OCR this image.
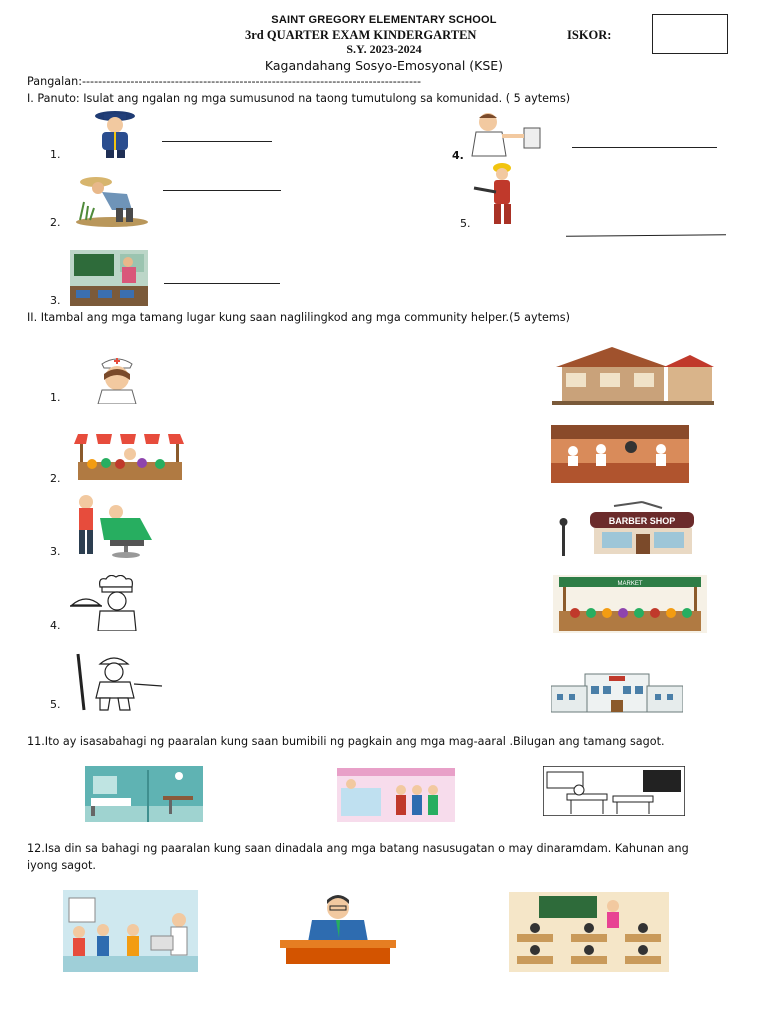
SAINT GREGORY ELEMENTARY SCHOOL
3rd QUARTER EXAM KINDERGARTEN	ISKOR:
S.Y. 2023-2024
Kagandahang Sosyo-Emosyonal (KSE)
Pangalan:------------------------------------------------------------------------------------
I. Panuto: Isulat ang ngalan ng mga sumusunod na taong tumutulong sa komunidad. ( 5 aytems)
1.
2.
3.
4.
5.
II. Itambal ang mga tamang lugar kung saan naglilingkod ang mga community helper.(5 aytems)
1.
2.
3.
4.
5.
BARBER SHOP
MARKET
11.Ito ay isasabahagi ng paaralan kung saan bumibili ng pagkain ang mga mag-aaral .Bilugan ang tamang sagot.
12.Isa din sa bahagi ng paaralan kung saan dinadala ang mga batang nasusugatan o may dinaramdam. Kahunan ang
iyong sagot.
